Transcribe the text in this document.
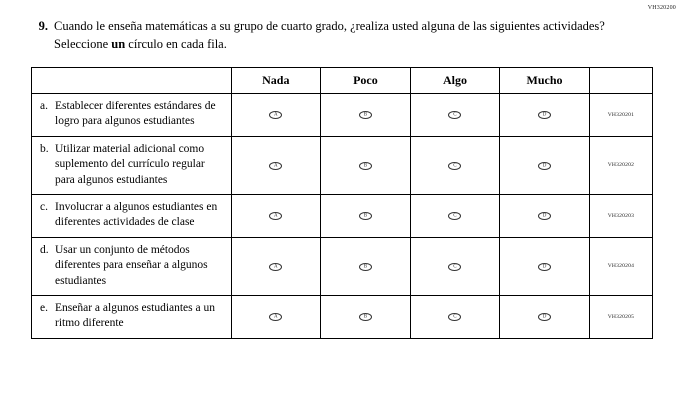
VH320200
9. Cuando le enseña matemáticas a su grupo de cuarto grado, ¿realiza usted alguna de las siguientes actividades? Seleccione un círculo en cada fila.
	Nada	Poco	Algo	Mucho	

a. Establecer diferentes estándares de logro para algunos estudiantes	A	B	C	D	VH320201

b. Utilizar material adicional como suplemento del currículo regular para algunos estudiantes	A	B	C	D	VH320202

c. Involucrar a algunos estudiantes en diferentes actividades de clase	A	B	C	D	VH320203

d. Usar un conjunto de métodos diferentes para enseñar a algunos estudiantes	A	B	C	D	VH320204

e. Enseñar a algunos estudiantes a un ritmo diferente	A	B	C	D	VH320205
